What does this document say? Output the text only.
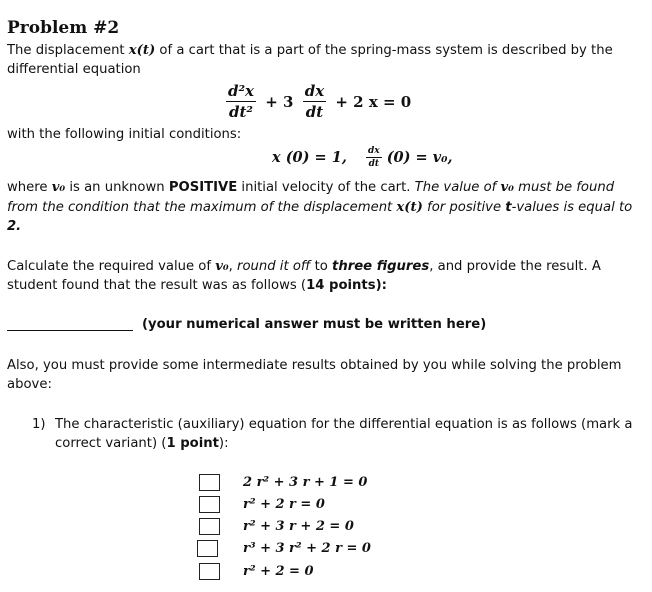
Problem #2
The displacement x(t) of a cart that is a part of the spring-mass system is described by the
differential equation
$\frac{\text{d²x}}{\text{dt²}} + 3 \frac{dx}{dt} + 2$ x = 0
with the following initial conditions:
x (0) = 1, $\frac{dx}{dt} (0) = v_0$,
where v₀ is an unknown POSITIVE initial velocity of the cart. The value of v₀ must be found
from the condition that the maximum of the displacement x(t) for positive t-values is equal to
2.
Calculate the required value of v₀, round it off to three figures, and provide the result. A
student found that the result was as follows (14 points):
(your numerical answer must be written here)
Also, you must provide some intermediate results obtained by you while solving the problem
above:
1) The characteristic (auxiliary) equation for the differential equation is as follows (mark a
correct variant) (1 point):
2 r² + 3 r + 1 = 0
r² + 2 r = 0
r² + 3 r + 2 = 0
r³ + 3 r² + 2 r = 0
r² + 2 = 0
